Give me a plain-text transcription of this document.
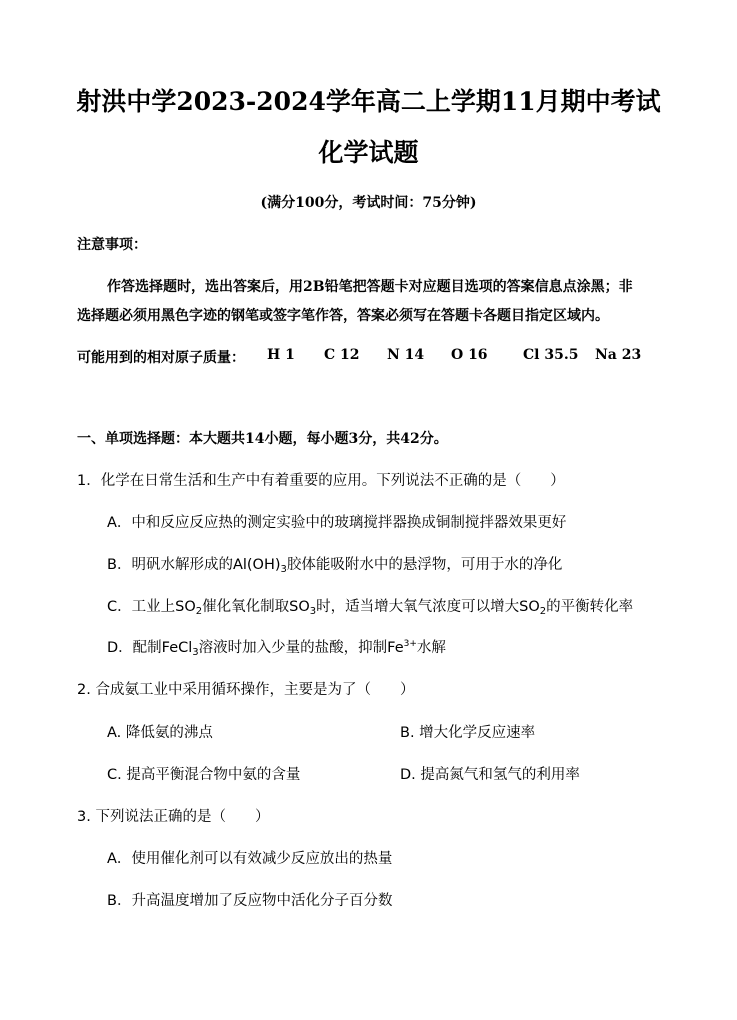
射洪中学2023-2024学年高二上学期11月期中考试
化学试题
(满分100分，考试时间：75分钟)
注意事项：
作答选择题时，选出答案后，用2B铅笔把答题卡对应题目选项的答案信息点涂黑；非
选择题必须用黑色字迹的钢笔或签字笔作答，答案必须写在答题卡各题目指定区域内。
可能用到的相对原子质量： H 1 C 12 N 14 O 16	Cl 35.5 Na 23
一、单项选择题：本大题共14小题，每小题3分，共42分。
1．化学在日常生活和生产中有着重要的应用。下列说法不正确的是（　　）
A．中和反应反应热的测定实验中的玻璃搅拌器换成铜制搅拌器效果更好
B．明矾水解形成的$Al(OH)_3$胶体能吸附水中的悬浮物，可用于水的净化
C．工业上$SO_2$催化氧化制取$SO_3$时，适当增大氧气浓度可以增大$SO_2$的平衡转化率
D．配制FeCl$_3$溶液时加入少量的盐酸，抑制$Fe^{3+}$水解
2. 合成氨工业中采用循环操作，主要是为了（　　）
A. 降低氨的沸点	B. 增大化学反应速率
C. 提高平衡混合物中氨的含量	D. 提高氮气和氢气的利用率
3. 下列说法正确的是（　　）
A．使用催化剂可以有效减少反应放出的热量
B．升高温度增加了反应物中活化分子百分数
